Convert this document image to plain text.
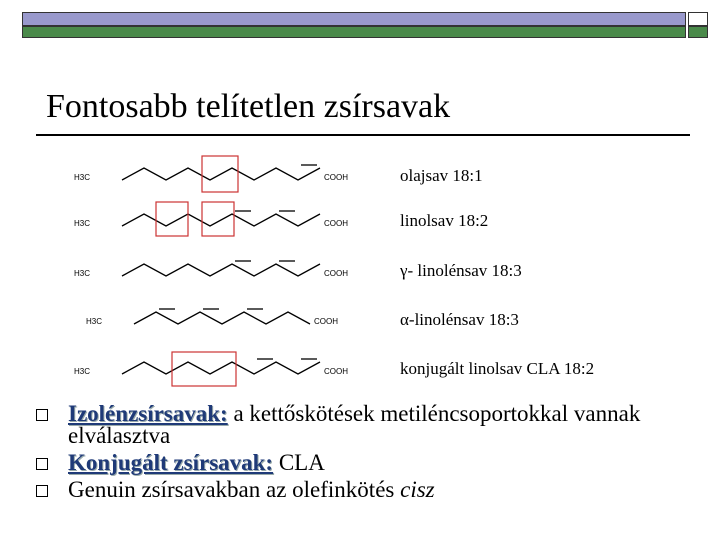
Fontosabb telítetlen zsírsavak
H3C	COOH
H3C	COOH
H3C	COOH
H3C	COOH
H3C	COOH
olajsav 18:1
linolsav 18:2
γ- linolénsav 18:3
α-linolénsav 18:3
konjugált linolsav CLA 18:2
Izolénzsírsavak: a kettőskötések metiléncsoportokkal vannak elválasztva
Konjugált zsírsavak: CLA
Genuin zsírsavakban az olefinkötés cisz
